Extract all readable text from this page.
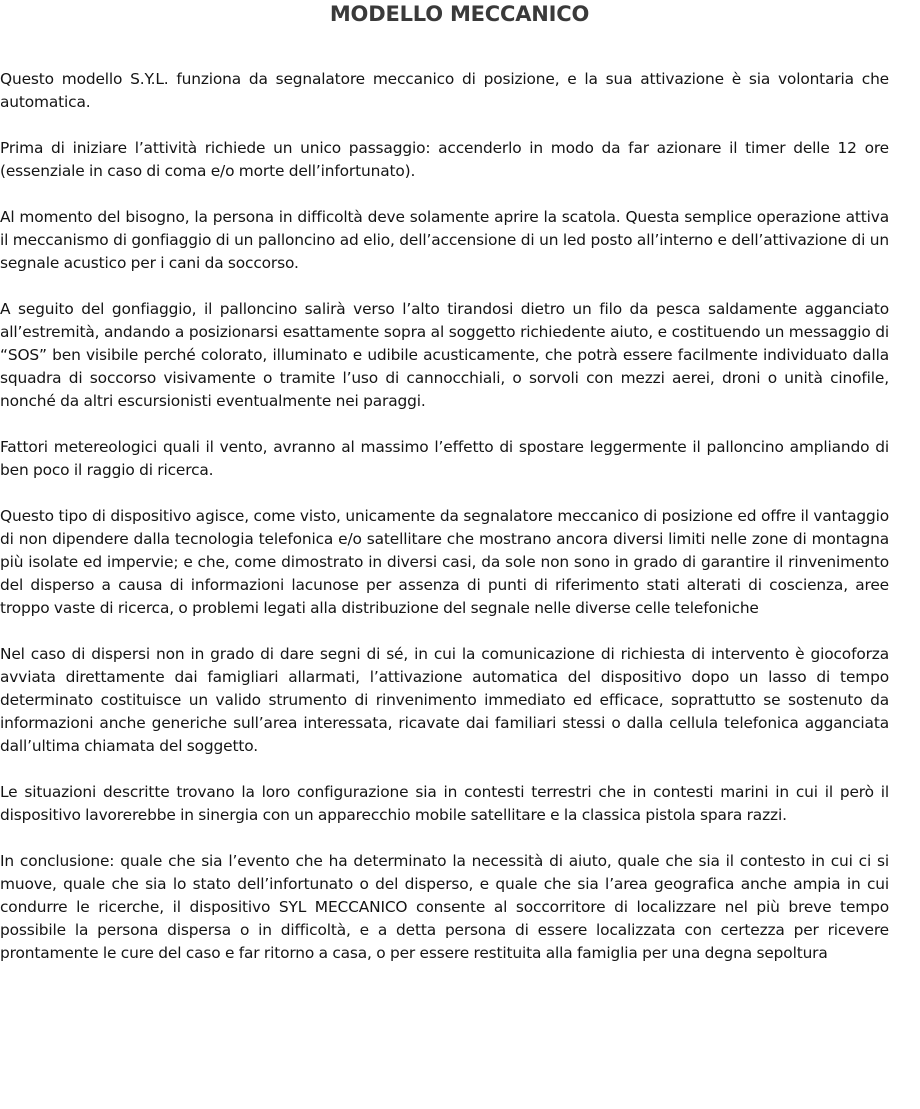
MODELLO MECCANICO

Questo modello S.Y.L. funziona da segnalatore meccanico di posizione, e la sua attivazione è sia volontaria che automatica.

Prima di iniziare l’attività richiede un unico passaggio: accenderlo in modo da far azionare il timer delle 12 ore (essenziale in caso di coma e/o morte dell’infortunato).

Al momento del bisogno, la persona in difficoltà deve solamente aprire la scatola. Questa semplice operazione attiva il meccanismo di gonfiaggio di un palloncino ad elio, dell’accensione di un led posto all’interno e dell’attivazione di un segnale acustico per i cani da soccorso.

A seguito del gonfiaggio, il palloncino salirà verso l’alto tirandosi dietro un filo da pesca saldamente agganciato all’estremità, andando a posizionarsi esattamente sopra al soggetto richiedente aiuto, e costituendo un messaggio di “SOS” ben visibile perché colorato, illuminato e udibile acusticamente, che potrà essere facilmente individuato dalla squadra di soccorso visivamente o tramite l’uso di cannocchiali, o sorvoli con mezzi aerei, droni o unità cinofile, nonché da altri escursionisti eventualmente nei paraggi.

Fattori metereologici quali il vento, avranno al massimo l’effetto di spostare leggermente il palloncino ampliando di ben poco il raggio di ricerca.

Questo tipo di dispositivo agisce, come visto, unicamente da segnalatore meccanico di posizione ed offre il vantaggio di non dipendere dalla tecnologia telefonica e/o satellitare che mostrano ancora diversi limiti nelle zone di montagna più isolate ed impervie; e che, come dimostrato in diversi casi, da sole non sono in grado di garantire il rinvenimento del disperso a causa di informazioni lacunose per assenza di punti di riferimento stati alterati di coscienza, aree troppo vaste di ricerca, o problemi legati alla distribuzione del segnale nelle diverse celle telefoniche

Nel caso di dispersi non in grado di dare segni di sé, in cui la comunicazione di richiesta di intervento è giocoforza avviata direttamente dai famigliari allarmati, l’attivazione automatica del dispositivo dopo un lasso di tempo determinato costituisce un valido strumento di rinvenimento immediato ed efficace, soprattutto se sostenuto da informazioni anche generiche sull’area interessata, ricavate dai familiari stessi o dalla cellula telefonica agganciata dall’ultima chiamata del soggetto.

Le situazioni descritte trovano la loro configurazione sia in contesti terrestri che in contesti marini in cui il però il dispositivo lavorerebbe in sinergia con un apparecchio mobile satellitare e la classica pistola spara razzi.

In conclusione: quale che sia l’evento che ha determinato la necessità di aiuto, quale che sia il contesto in cui ci si muove, quale che sia lo stato dell’infortunato o del disperso, e quale che sia l’area geografica anche ampia in cui condurre le ricerche, il dispositivo SYL MECCANICO consente al soccorritore di localizzare nel più breve tempo possibile la persona dispersa o in difficoltà, e a detta persona di essere localizzata con certezza per ricevere prontamente le cure del caso e far ritorno a casa, o per essere restituita alla famiglia per una degna sepoltura
